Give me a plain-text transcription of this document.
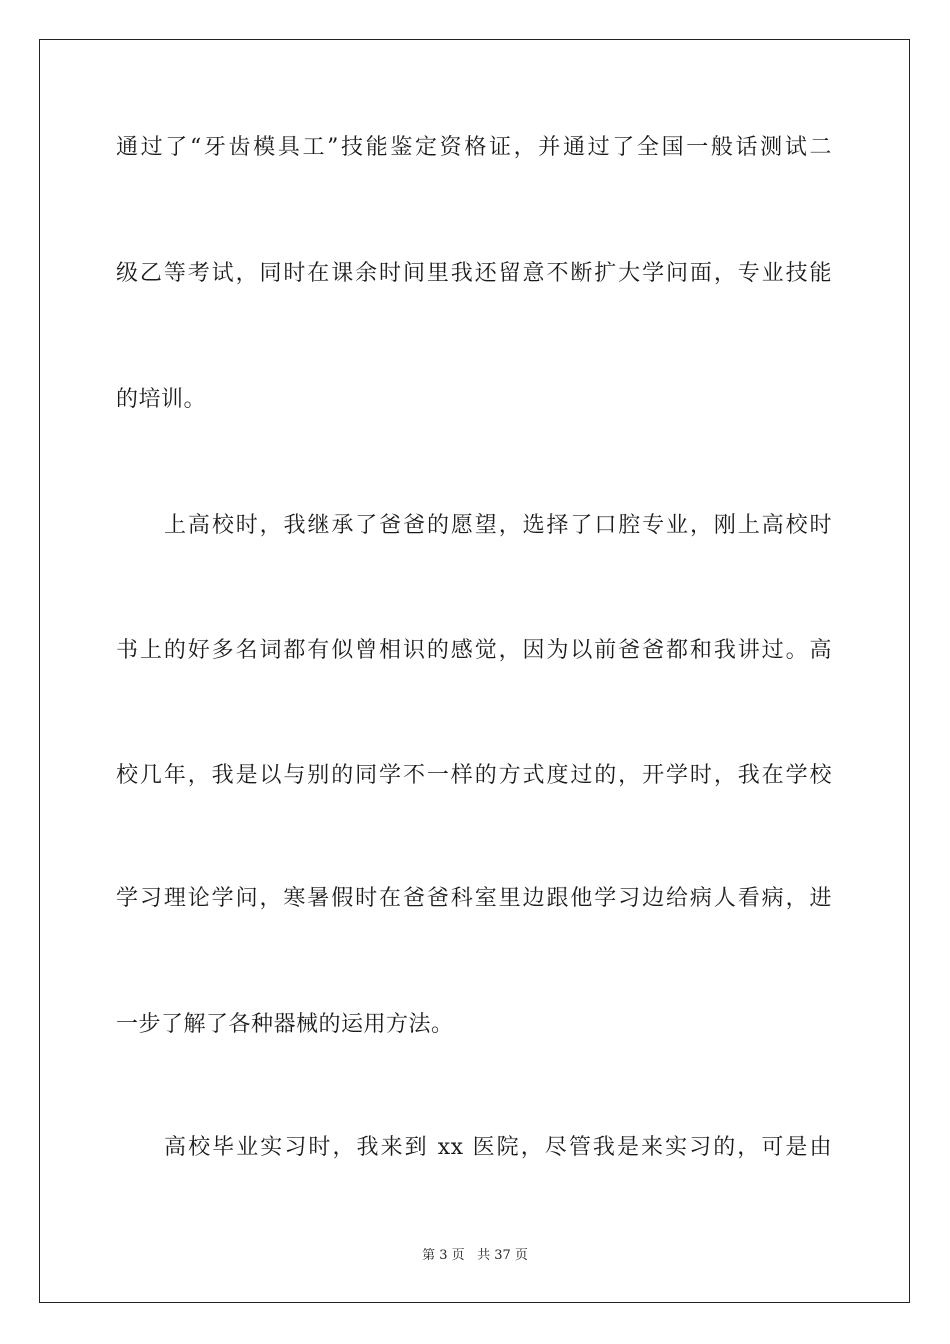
通过了“牙齿模具工”技能鉴定资格证，并通过了全国一般话测试二
级乙等考试，同时在课余时间里我还留意不断扩大学问面，专业技能
的培训。
上高校时，我继承了爸爸的愿望，选择了口腔专业，刚上高校时
书上的好多名词都有似曾相识的感觉，因为以前爸爸都和我讲过。高
校几年，我是以与别的同学不一样的方式度过的，开学时，我在学校
学习理论学问，寒暑假时在爸爸科室里边跟他学习边给病人看病，进
一步了解了各种器械的运用方法。
高校毕业实习时，我来到 xx 医院，尽管我是来实习的，可是由
第 3 页 共 37 页
